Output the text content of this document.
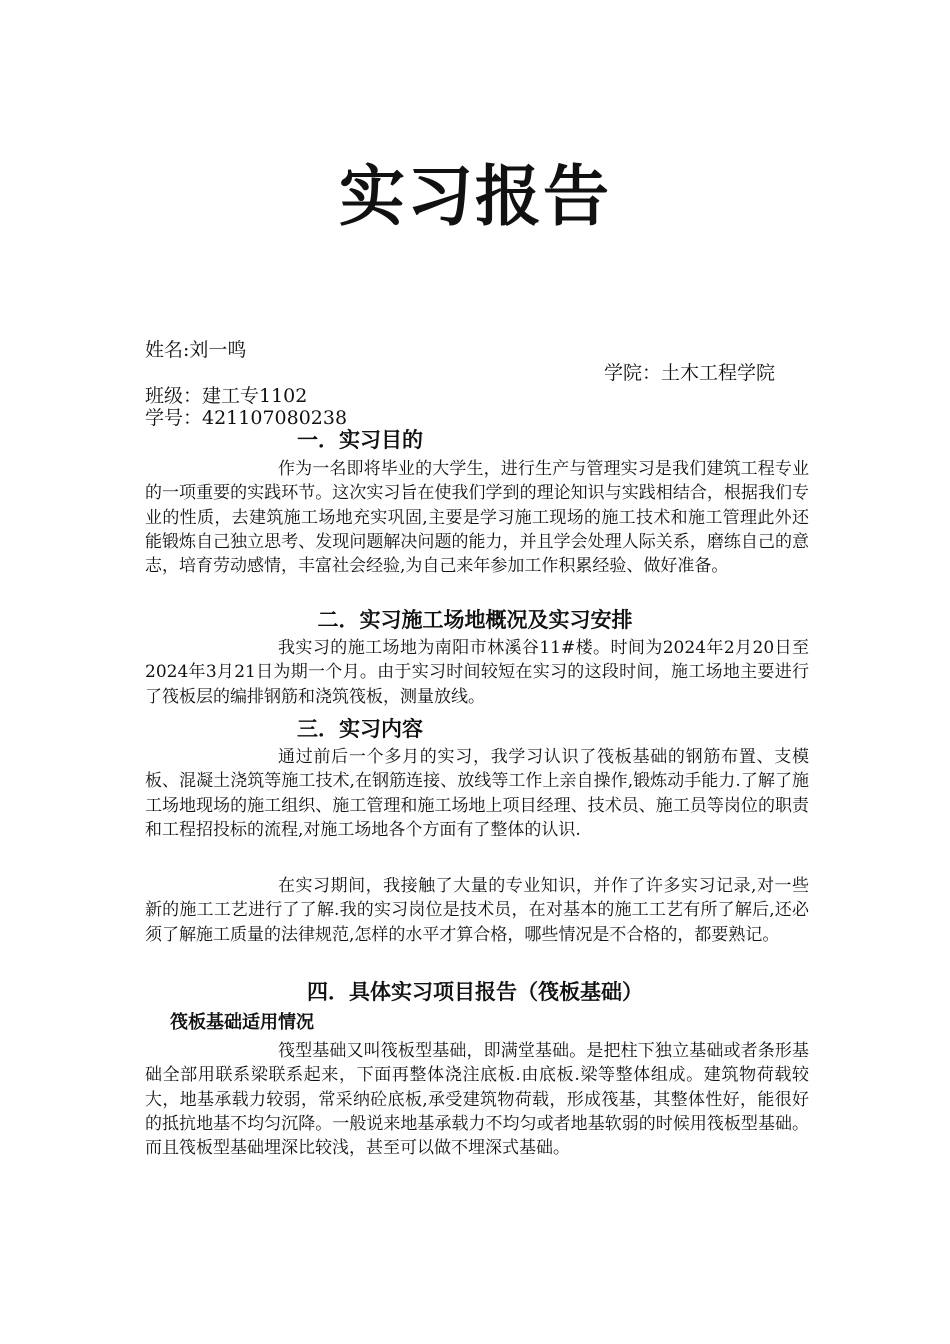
实习报告
姓名:刘一鸣
学院：土木工程学院
班级：建工专1102
学号：421107080238
一．实习目的
作为一名即将毕业的大学生，进行生产与管理实习是我们建筑工程专业的一项重要的实践环节。这次实习旨在使我们学到的理论知识与实践相结合，根据我们专业的性质，去建筑施工场地充实巩固,主要是学习施工现场的施工技术和施工管理此外还能锻炼自己独立思考、发现问题解决问题的能力，并且学会处理人际关系，磨练自己的意志，培育劳动感情，丰富社会经验,为自己来年参加工作积累经验、做好准备。
二．实习施工场地概况及实习安排
我实习的施工场地为南阳市林溪谷11#楼。时间为2024年2月20日至2024年3月21日为期一个月。由于实习时间较短在实习的这段时间，施工场地主要进行了筏板层的编排钢筋和浇筑筏板，测量放线。
三．实习内容
通过前后一个多月的实习，我学习认识了筏板基础的钢筋布置、支模板、混凝土浇筑等施工技术,在钢筋连接、放线等工作上亲自操作,锻炼动手能力.了解了施工场地现场的施工组织、施工管理和施工场地上项目经理、技术员、施工员等岗位的职责和工程招投标的流程,对施工场地各个方面有了整体的认识.
在实习期间，我接触了大量的专业知识，并作了许多实习记录,对一些新的施工工艺进行了了解.我的实习岗位是技术员，在对基本的施工工艺有所了解后,还必须了解施工质量的法律规范,怎样的水平才算合格，哪些情况是不合格的，都要熟记。
四．具体实习项目报告（筏板基础）
筏板基础适用情况
筏型基础又叫筏板型基础，即满堂基础。是把柱下独立基础或者条形基础全部用联系梁联系起来，下面再整体浇注底板.由底板.梁等整体组成。建筑物荷载较大，地基承载力较弱，常采纳砼底板,承受建筑物荷载，形成筏基，其整体性好，能很好的抵抗地基不均匀沉降。一般说来地基承载力不均匀或者地基软弱的时候用筏板型基础。而且筏板型基础埋深比较浅，甚至可以做不埋深式基础。
